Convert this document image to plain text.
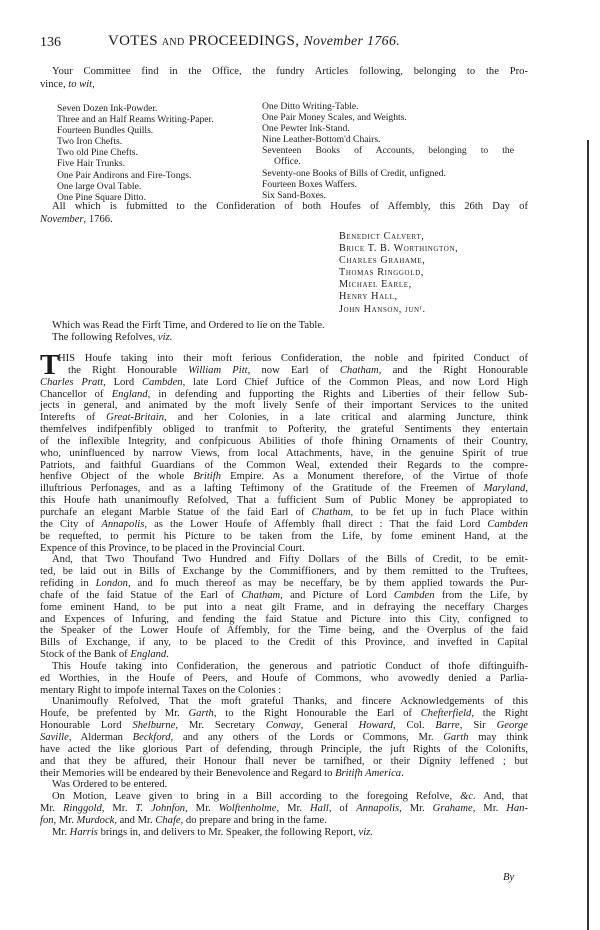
136	VOTES AND PROCEEDINGS, November 1766.
Your Committee find in the Office, the fundry Articles following, belonging to the Pro-
vince, to wit,
Seven Dozen Ink-Powder.
Three and an Half Reams Writing-Paper.
Fourteen Bundles Quills.
Two Iron Chefts.
Two old Pine Chefts.
Five Hair Trunks.
One Pair Andirons and Fire-Tongs.
One large Oval Table.
One Pine Square Ditto.
One Ditto Writing-Table.
One Pair Money Scales, and Weights.
One Pewter Ink-Stand.
Nine Leather-Bottom'd Chairs.
Seventeen Books of Accounts, belonging to the
Office.
Seventy-one Books of Bills of Credit, unfigned.
Fourteen Boxes Waffers.
Six Sand-Boxes.
All which is fubmitted to the Confideration of both Houfes of Affembly, this 26th Day of
November, 1766.
Benedict Calvert,
Brice T. B. Worthington,
Charles Grahame,
Thomas Ringgold,
Michael Earle,
Henry Hall,
John Hanson, junʳ.
Which was Read the Firft Time, and Ordered to lie on the Table.
The following Refolves, viz.
T
HIS Houfe taking into their moft ferious Confideration, the noble and fpirited Conduct of
the Right Honourable William Pitt, now Earl of Chatham, and the Right Honourable
Charles Pratt, Lord Cambden, late Lord Chief Juftice of the Common Pleas, and now Lord High
Chancellor of England, in defending and fupporting the Rights and Liberties of their fellow Sub-
jects in general, and animated by the moft lively Senfe of their important Services to the united
Interefts of Great-Britain, and her Colonies, in a late critical and alarming Juncture, think
themfelves indifpenfibly obliged to tranfmit to Pofterity, the grateful Sentiments they entertain
of the inflexible Integrity, and confpicuous Abilities of thofe fhining Ornaments of their Country,
who, uninfluenced by narrow Views, from local Attachments, have, in the genuine Spirit of true
Patriots, and faithful Guardians of the Common Weal, extended their Regards to the compre-
henfive Object of the whole Britifh Empire. As a Monument therefore, of the Virtue of thofe
illuftrious Perfonages, and as a lafting Teftimony of the Gratitude of the Freemen of Maryland,
this Houfe hath unanimoufly Refolved, That a fufficient Sum of Public Money be appropiated to
purchafe an elegant Marble Statue of the faid Earl of Chatham, to be fet up in fuch Place within
the City of Annapolis, as the Lower Houfe of Affembly fhall direct : That the faid Lord Cambden
be requefted, to permit his Picture to be taken from the Life, by fome eminent Hand, at the
Expence of this Province, to be placed in the Provincial Court.
And, that Two Thoufand Two Hundred and Fifty Dollars of the Bills of Credit, to be emit-
ted, be laid out in Bills of Exchange by the Commiffioners, and by them remitted to the Truftees,
refiding in London, and fo much thereof as may be neceffary, be by them applied towards the Pur-
chafe of the faid Statue of the Earl of Chatham, and Picture of Lord Cambden from the Life, by
fome eminent Hand, to be put into a neat gilt Frame, and in defraying the neceffary Charges
and Expences of Infuring, and fending the faid Statue and Picture into this City, configned to
the Speaker of the Lower Houfe of Affembly, for the Time being, and the Overplus of the faid
Bills of Exchange, if any, to be placed to the Credit of this Province, and invefted in Capital
Stock of the Bank of England.
This Houfe taking into Confideration, the generous and patriotic Conduct of thofe diftinguifh-
ed Worthies, in the Houfe of Peers, and Houfe of Commons, who avowedly denied a Parlia-
mentary Right to impofe internal Taxes on the Colonies :
Unanimoufly Refolved, That the moft grateful Thanks, and fincere Acknowledgements of this
Houfe, be prefented by Mr. Garth, to the Right Honourable the Earl of Chefterfield, the Right
Honourable Lord Shelburne, Mr. Secretary Conway, General Howard, Col. Barre, Sir George
Saville, Alderman Beckford, and any others of the Lords or Commons, Mr. Garth may think
have acted the like glorious Part of defending, through Principle, the juft Rights of the Colonifts,
and that they be affured, their Honour fhall never be tarnifhed, or their Dignity leffened ; but
their Memories will be endeared by their Benevolence and Regard to Britifh America.
Was Ordered to be entered.
On Motion, Leave given to bring in a Bill according to the foregoing Refolve, &c. And, that
Mr. Ringgold, Mr. T. Johnfon, Mr. Wolftenholme, Mr. Hall, of Annapolis, Mr. Grahame, Mr. Han-
fon, Mr. Murdock, and Mr. Chafe, do prepare and bring in the fame.
Mr. Harris brings in, and delivers to Mr. Speaker, the following Report, viz.
By
